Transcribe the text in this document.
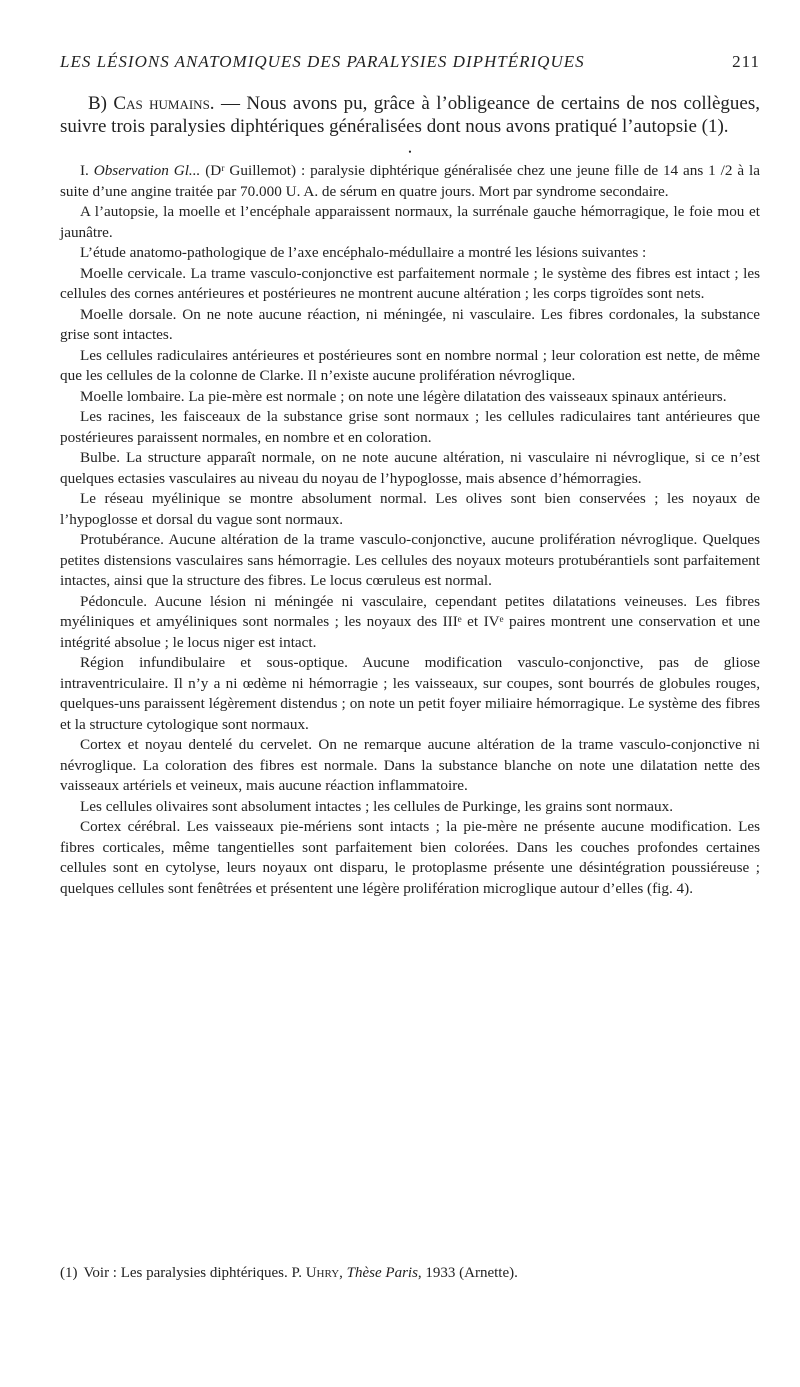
LES LÉSIONS ANATOMIQUES DES PARALYSIES DIPHTÉRIQUES	211

B) Cas humains. — Nous avons pu, grâce à l’obligeance de certains de nos collègues, suivre trois paralysies diphtériques généralisées dont nous avons pratiqué l’autopsie (1).

•

I. Observation Gl... (Dʳ Guillemot) : paralysie diphtérique généralisée chez une jeune fille de 14 ans 1 /2 à la suite d’une angine traitée par 70.000 U. A. de sérum en quatre jours. Mort par syndrome secondaire.

A l’autopsie, la moelle et l’encéphale apparaissent normaux, la surrénale gauche hémorragique, le foie mou et jaunâtre.

L’étude anatomo-pathologique de l’axe encéphalo-médullaire a montré les lésions suivantes :

Moelle cervicale. La trame vasculo-conjonctive est parfaitement normale ; le système des fibres est intact ; les cellules des cornes antérieures et postérieures ne montrent aucune altération ; les corps tigroïdes sont nets.

Moelle dorsale. On ne note aucune réaction, ni méningée, ni vasculaire. Les fibres cordonales, la substance grise sont intactes.

Les cellules radiculaires antérieures et postérieures sont en nombre normal ; leur coloration est nette, de même que les cellules de la colonne de Clarke. Il n’existe aucune prolifération névroglique.

Moelle lombaire. La pie-mère est normale ; on note une légère dilatation des vaisseaux spinaux antérieurs.

Les racines, les faisceaux de la substance grise sont normaux ; les cellules radiculaires tant antérieures que postérieures paraissent normales, en nombre et en coloration.

Bulbe. La structure apparaît normale, on ne note aucune altération, ni vasculaire ni névroglique, si ce n’est quelques ectasies vasculaires au niveau du noyau de l’hypoglosse, mais absence d’hémorragies.

Le réseau myélinique se montre absolument normal. Les olives sont bien conservées ; les noyaux de l’hypoglosse et dorsal du vague sont normaux.

Protubérance. Aucune altération de la trame vasculo-conjonctive, aucune prolifération névroglique. Quelques petites distensions vasculaires sans hémorragie. Les cellules des noyaux moteurs protubérantiels sont parfaitement intactes, ainsi que la structure des fibres. Le locus cœruleus est normal.

Pédoncule. Aucune lésion ni méningée ni vasculaire, cependant petites dilatations veineuses. Les fibres myéliniques et amyéliniques sont normales ; les noyaux des IIIᵉ et IVᵉ paires montrent une conservation et une intégrité absolue ; le locus niger est intact.

Région infundibulaire et sous-optique. Aucune modification vasculo-conjonctive, pas de gliose intraventriculaire. Il n’y a ni œdème ni hémorragie ; les vaisseaux, sur coupes, sont bourrés de globules rouges, quelques-uns paraissent légèrement distendus ; on note un petit foyer miliaire hémorragique. Le système des fibres et la structure cytologique sont normaux.

Cortex et noyau dentelé du cervelet. On ne remarque aucune altération de la trame vasculo-conjonctive ni névroglique. La coloration des fibres est normale. Dans la substance blanche on note une dilatation nette des vaisseaux artériels et veineux, mais aucune réaction inflammatoire.

Les cellules olivaires sont absolument intactes ; les cellules de Purkinge, les grains sont normaux.

Cortex cérébral. Les vaisseaux pie-mériens sont intacts ; la pie-mère ne présente aucune modification. Les fibres corticales, même tangentielles sont parfaitement bien colorées. Dans les couches profondes certaines cellules sont en cytolyse, leurs noyaux ont disparu, le protoplasme présente une désintégration poussiéreuse ; quelques cellules sont fenêtrées et présentent une légère prolifération microglique autour d’elles (fig. 4).

(1) Voir : Les paralysies diphtériques. P. Uhry, Thèse Paris, 1933 (Arnette).
